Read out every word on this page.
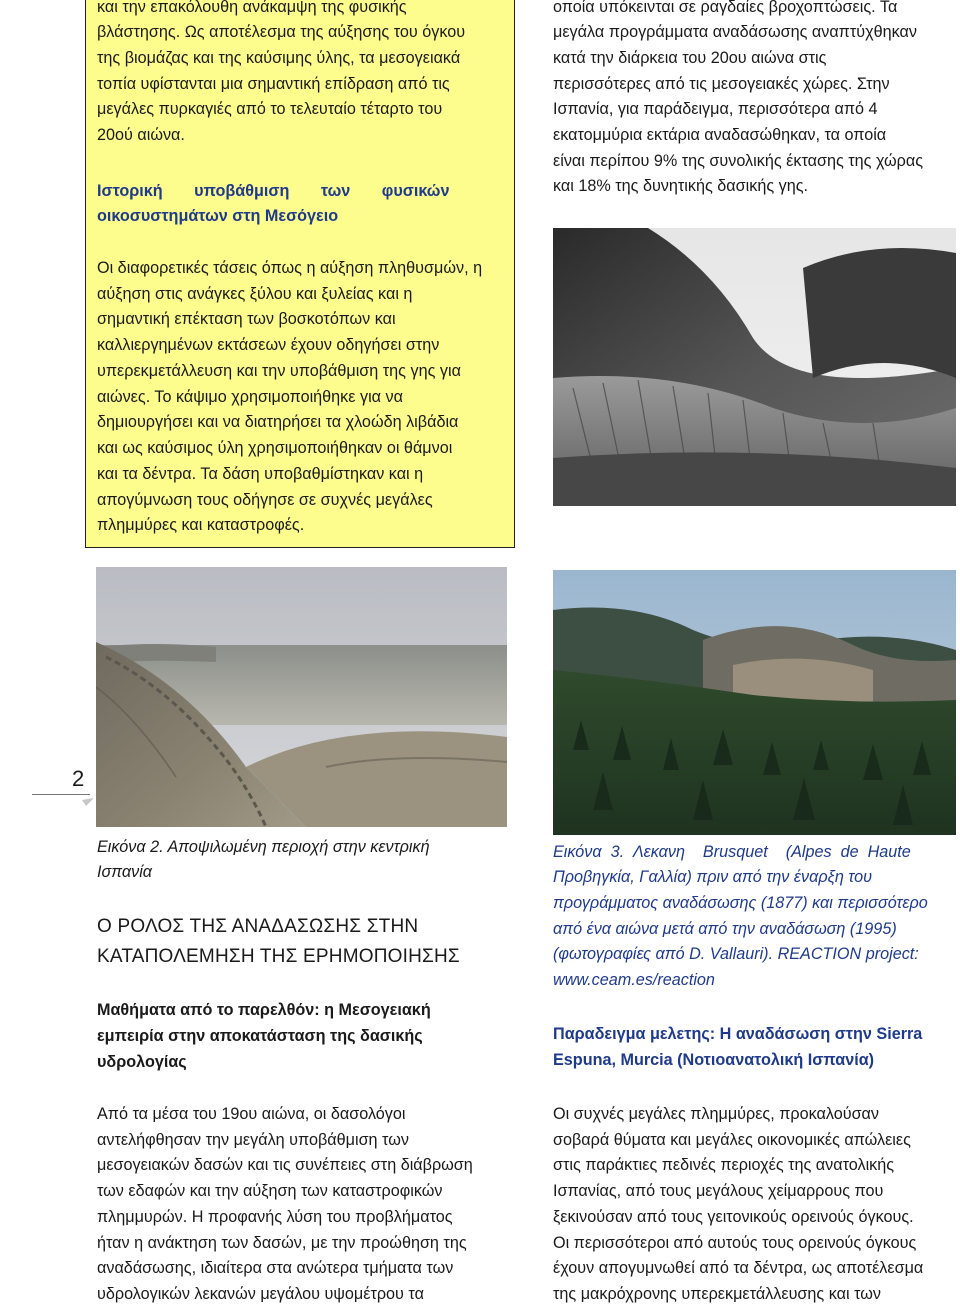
και την επακόλουθη ανάκαμψη της φυσικής

βλάστησης. Ως αποτέλεσμα της αύξησης του όγκου

της βιομάζας και της καύσιμης ύλης, τα μεσογειακά

τοπία υφίστανται μια σημαντική επίδραση από τις

μεγάλες πυρκαγιές από το τελευταίο τέταρτο του

20ού αιώνα.

Ιστορική       υποβάθμιση       των       φυσικών

οικοσυστημάτων στη Μεσόγειο

Οι διαφορετικές τάσεις όπως η αύξηση πληθυσμών, η

αύξηση στις ανάγκες ξύλου και ξυλείας και η

σημαντική επέκταση των βοσκοτόπων και

καλλιεργημένων εκτάσεων έχουν οδηγήσει στην

υπερεκμετάλλευση και την υποβάθμιση της γης για

αιώνες. Το κάψιμο χρησιμοποιήθηκε για να

δημιουργήσει και να διατηρήσει τα χλοώδη λιβάδια

και ως καύσιμος ύλη χρησιμοποιήθηκαν οι θάμνοι

και τα δέντρα. Τα δάση υποβαθμίστηκαν και η

απογύμνωση τους οδήγησε σε συχνές μεγάλες

πλημμύρες και καταστροφές.

2

Εικόνα 2. Αποψιλωμένη περιοχή στην κεντρική

Ισπανία

Ο ΡΟΛΟΣ ΤΗΣ ΑΝΑΔΑΣΩΣΗΣ ΣΤΗΝ
ΚΑΤΑΠΟΛΕΜΗΣΗ ΤΗΣ ΕΡΗΜΟΠΟΙΗΣΗΣ

Μαθήματα από το παρελθόν: η Μεσογειακή

εμπειρία στην αποκατάσταση της δασικής

υδρολογίας

Από τα μέσα του 19ου αιώνα, οι δασολόγοι

αντελήφθησαν την μεγάλη υποβάθμιση των

μεσογειακών δασών και τις συνέπειες στη διάβρωση

των εδαφών και την αύξηση των καταστροφικών

πλημμυρών. Η προφανής λύση του προβλήματος

ήταν η ανάκτηση των δασών, με την προώθηση της

αναδάσωσης, ιδιαίτερα στα ανώτερα τμήματα των

υδρολογικών λεκανών μεγάλου υψομέτρου τα

οποία υπόκεινται σε ραγδαίες βροχοπτώσεις. Τα

μεγάλα προγράμματα αναδάσωσης αναπτύχθηκαν

κατά την διάρκεια του 20ου αιώνα στις

περισσότερες από τις μεσογειακές χώρες. Στην

Ισπανία, για παράδειγμα, περισσότερα από 4

εκατομμύρια εκτάρια αναδασώθηκαν, τα οποία

είναι περίπου 9% της συνολικής έκτασης της χώρας

και 18% της δυνητικής δασικής γης.

Εικόνα  3.  Λεκανη    Brusquet    (Alpes  de  Haute

Προβηγκία, Γαλλία) πριν από την έναρξη του

προγράμματος αναδάσωσης (1877) και περισσότερο

από ένα αιώνα μετά από την αναδάσωση (1995)

(φωτογραφίες από D. Vallauri). REACTION project:

www.ceam.es/reaction

Παραδειγμα μελετης: Η αναδάσωση στην Sierra

Espuna, Murcia (Νοτιοανατολική Ισπανία)

Οι συχνές μεγάλες πλημμύρες, προκαλούσαν

σοβαρά θύματα και μεγάλες οικονομικές απώλειες

στις παράκτιες πεδινές περιοχές της ανατολικής

Ισπανίας, από τους μεγάλους χείμαρρους που

ξεκινούσαν από τους γειτονικούς ορεινούς όγκους.

Οι περισσότεροι από αυτούς τους ορεινούς όγκους

έχουν απογυμνωθεί από τα δέντρα, ως αποτέλεσμα

της μακρόχρονης υπερεκμετάλλευσης και των
